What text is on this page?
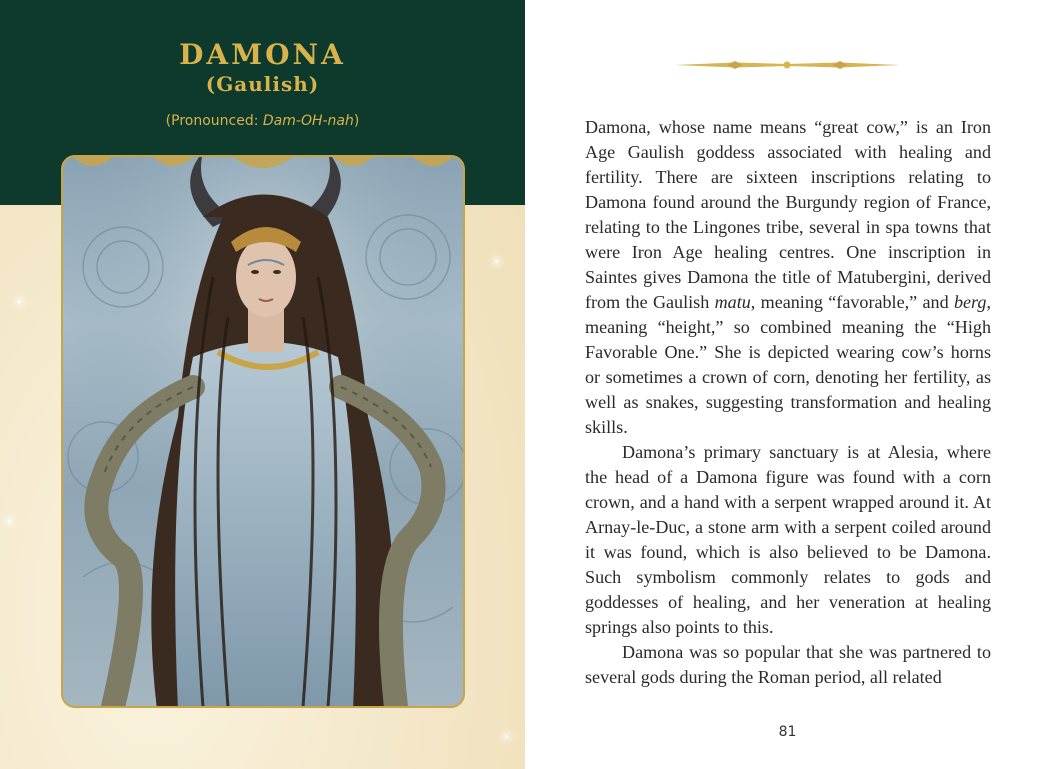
DAMONA
(Gaulish)
(Pronounced: Dam-OH-nah)	Damona, whose name means “great cow,” is an Iron Age Gaulish goddess associated with healing and fertility. There are sixteen inscriptions relating to Damona found around the Burgundy region of France, relating to the Lingones tribe, several in spa towns that were Iron Age healing centres. One inscription in Saintes gives Damona the title of Matubergini, derived from the Gaulish matu, meaning “favorable,” and berg, meaning “height,” so combined meaning the “High Favorable One.” She is depicted wearing cow’s horns or sometimes a crown of corn, denoting her fertility, as well as snakes, suggesting transformation and healing skills.

Damona’s primary sanctuary is at Alesia, where the head of a Damona figure was found with a corn crown, and a hand with a serpent wrapped around it. At Arnay-le-Duc, a stone arm with a serpent coiled around it was found, which is also believed to be Damona. Such symbolism commonly relates to gods and goddesses of healing, and her veneration at healing springs also points to this.

Damona was so popular that she was partnered to several gods during the Roman period, all related

81
